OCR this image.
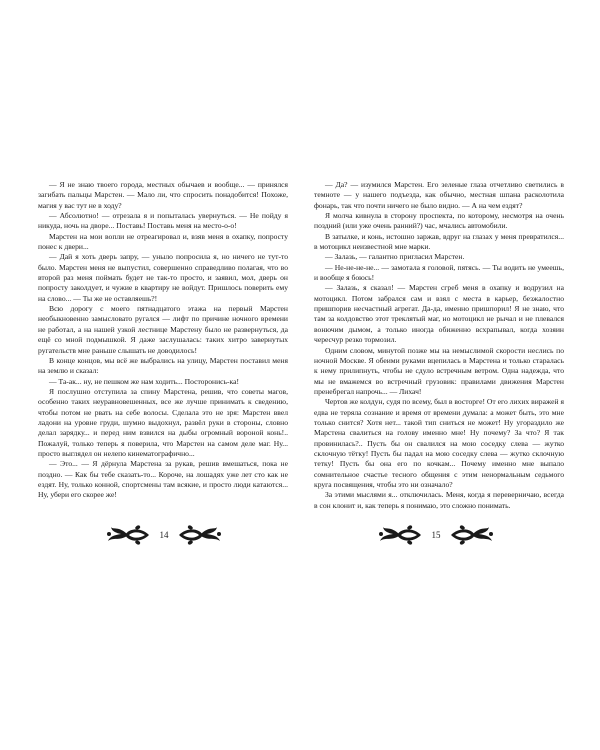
— Я не знаю твоего города, местных обычаев и вообще... — принялся загибать пальцы Марстен. — Мало ли, что спросить понадобится! Похоже, магия у вас тут не в ходу?

— Абсолютно! — отрезала я и попыталась увернуться. — Не пойду я никуда, ночь на дворе... Поставь! Поставь меня на место-о-о!

Марстен на мои вопли не отреагировал и, взяв меня в охапку, попросту понес к двери...

— Дай я хоть дверь запру, — уныло попросила я, но ничего не тут-то было. Марстен меня не выпустил, совершенно справедливо полагая, что во второй раз меня поймать будет не так-то просто, и заявил, мол, дверь он попросту заколдует, и чужие в квартиру не войдут. Пришлось поверить ему на слово... — Ты же не оставляешь?!

Всю дорогу с моего пятнадцатого этажа на первый Марстен необыкновенно замысловато ругался — лифт по причине ночного времени не работал, а на нашей узкой лестнице Марстену было не развернуться, да ещё со мной подмышкой. Я даже заслушалась: таких хитро завернутых ругательств мне раньше слышать не доводилось!

В конце концов, мы всё же выбрались на улицу, Марстен поставил меня на землю и сказал:

— Та-ак... ну, не пешком же нам ходить... Посторонись-ка!

Я послушно отступила за спину Марстена, решив, что советы магов, особенно таких неуравновешенных, все же лучше принимать к сведению, чтобы потом не рвать на себе волосы. Сделала это не зря: Марстен ввел ладони на уровне груди, шумно выдохнул, развёл руки в стороны, словно делал зарядку... и перед ним взвился на дыбы огромный вороной конь!.. Пожалуй, только теперь я поверила, что Марстен на самом деле маг. Ну... просто выглядел он нелепо кинематографично...

— Это... — Я дёрнула Марстена за рукав, решив вмешаться, пока не поздно. — Как бы тебе сказать-то... Короче, на лошадях уже лет сто как не ездят. Ну, только конной, спортсмены там всякие, и просто люди катаются... Ну, убери его скорее же!

14

— Да? — изумился Марстен. Его зеленые глаза отчетливо светились в темноте — у нашего подъезда, как обычно, местная шпана расколотила фонарь, так что почти ничего не было видно. — А на чем ездят?

Я молча кивнула в сторону проспекта, по которому, несмотря на очень поздний (или уже очень ранний?) час, мчались автомобили.

В затылке, и конь, истошно заржав, вдруг на глазах у меня превратился... в мотоцикл неизвестной мне марки.

— Залазь, — галантно пригласил Марстен.

— Не-не-не-не... — замотала я головой, пятясь. — Ты водить не умеешь, и вообще я боюсь!

— Залазь, я сказал! — Марстен сгреб меня в охапку и водрузил на мотоцикл. Потом забрался сам и взял с места в карьер, безжалостно пришпорив несчастный агрегат. Да-да, именно пришпорил! Я не знаю, что там за колдовство этот треклятый маг, но мотоцикл не рычал и не плевался вонючим дымом, а только иногда обиженно всхрапывал, когда хозяин чересчур резко тормозил.

Одним словом, минутой позже мы на немыслимой скорости неслись по ночной Москве. Я обеими руками вцепилась в Марстена и только старалась к нему прилипнуть, чтобы не сдуло встречным ветром. Одна надежда, что мы не вмажемся во встречный грузовик: правилами движения Марстен пренебрегал напрочь... — Лихач!

Чертов же колдун, судя по всему, был в восторге! От его лихих виражей я едва не теряла сознание и время от времени думала: а может быть, это мне только снится? Хотя нет... такой тип сниться не может! Ну угораздило же Марстена свалиться на голову именно мне! Ну почему? За что? Я так провинилась?.. Пусть бы он свалился на мою соседку слева — жутко склочную тётку! Пусть бы падал на мою соседку слева — жутко склочную тетку! Пусть бы она его по кочкам... Почему именно мне выпало сомнительное счастье тесного общения с этим ненормальным седьмого круга посвящения, чтобы это ни означало?

За этими мыслями я... отключилась. Меня, когда я переверничаю, всегда в сон клонит и, как теперь я понимаю, это сложно понимать.

15
